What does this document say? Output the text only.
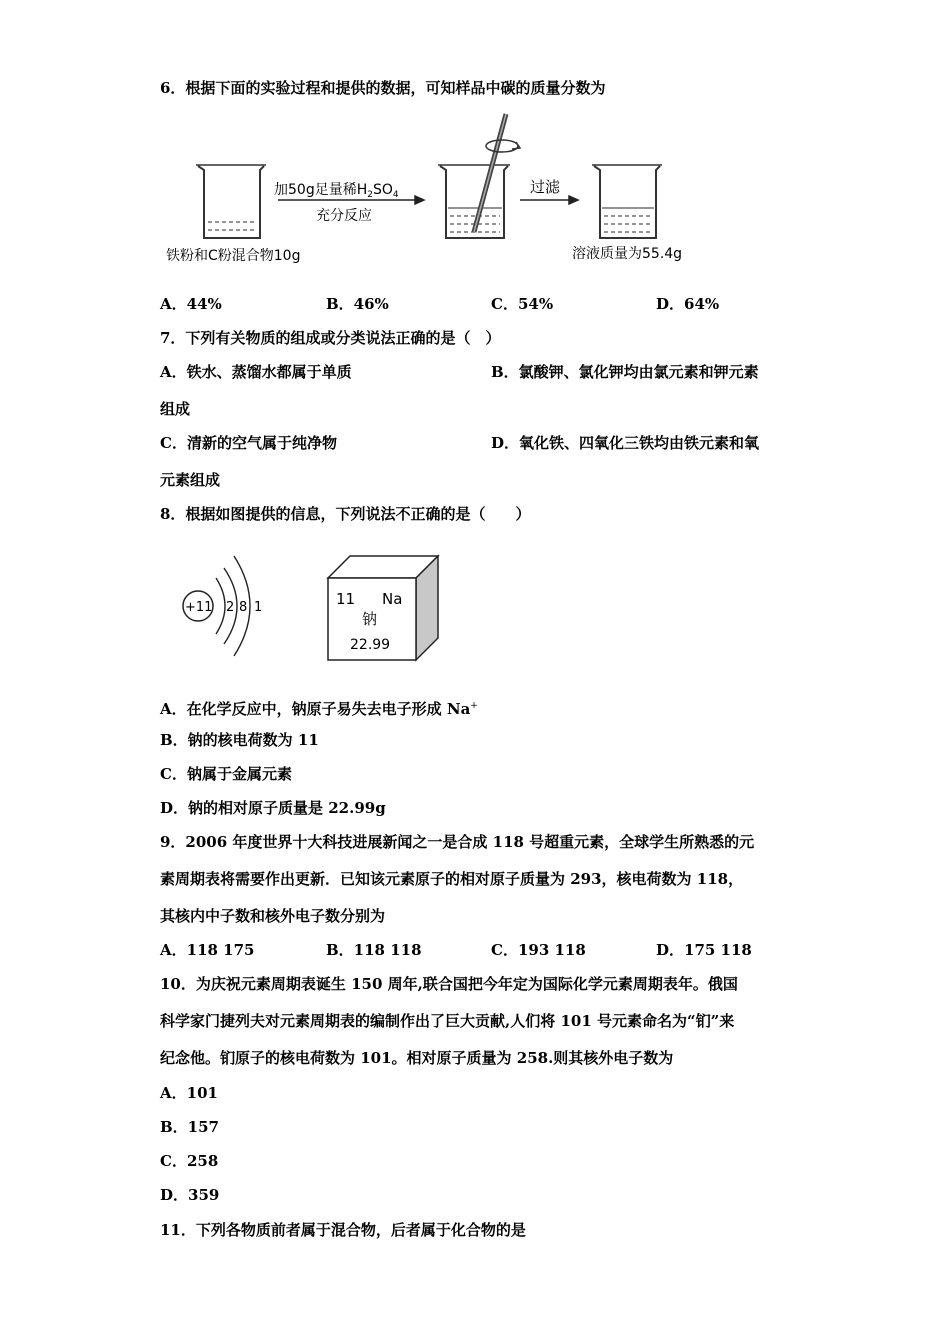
6．根据下面的实验过程和提供的数据，可知样品中碳的质量分数为
铁粉和C粉混合物10g
加50g足量稀$H_2SO_4$
充分反应
过滤
溶液质量为55.4g
A．44%	B．46%	C．54%	D．64%
7．下列有关物质的组成或分类说法正确的是（　）
A．铁水、蒸馏水都属于单质	B．氯酸钾、氯化钾均由氯元素和钾元素
组成
C．清新的空气属于纯净物	D．氧化铁、四氧化三铁均由铁元素和氧
元素组成
8．根据如图提供的信息，下列说法不正确的是（　　）
+11 2 8 1	11 Na
钠
22.99
A．在化学反应中，钠原子易失去电子形成 Na+
B．钠的核电荷数为 11
C．钠属于金属元素
D．钠的相对原子质量是 22.99g
9．2006 年度世界十大科技进展新闻之一是合成 118 号超重元素，全球学生所熟悉的元
素周期表将需要作出更新．已知该元素原子的相对原子质量为 293，核电荷数为 118，
其核内中子数和核外电子数分别为
A．118 175	B．118 118	C．193 118	D．175 118
10．为庆祝元素周期表诞生 150 周年,联合国把今年定为国际化学元素周期表年。俄国
科学家门捷列夫对元素周期表的编制作出了巨大贡献,人们将 101 号元素命名为“钔”来
纪念他。钔原子的核电荷数为 101。相对原子质量为 258.则其核外电子数为
A．101
B．157
C．258
D．359
11．下列各物质前者属于混合物，后者属于化合物的是
